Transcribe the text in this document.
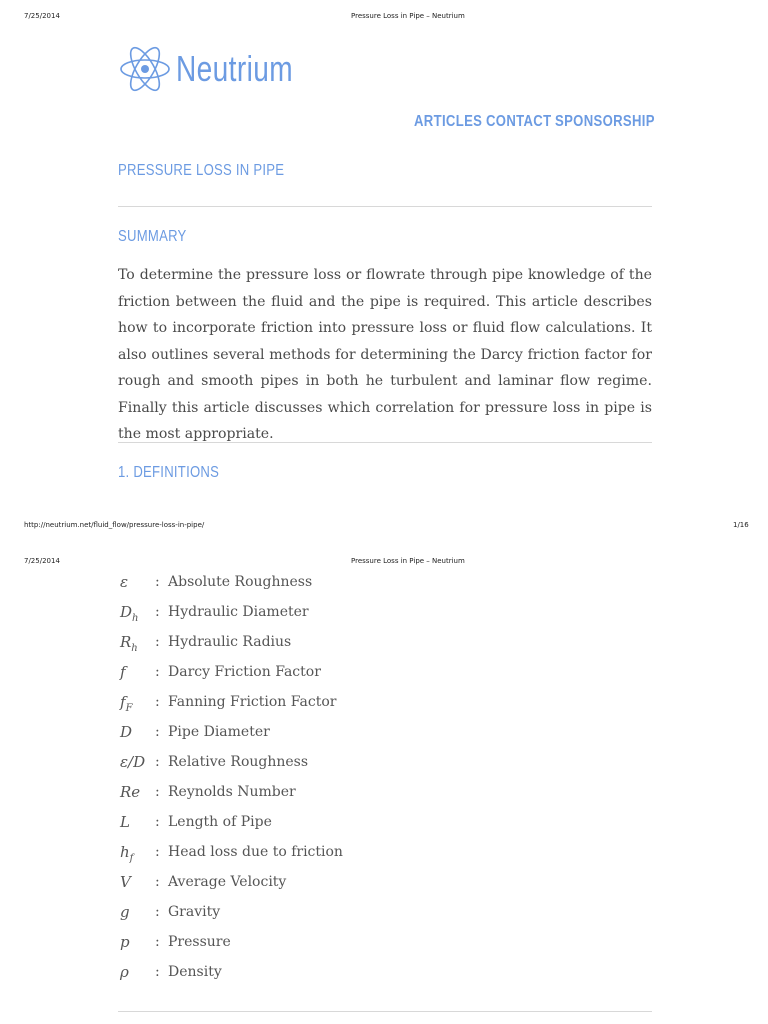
7/25/2014	Pressure Loss in Pipe – Neutrium
Neutrium
ARTICLES CONTACT SPONSORSHIP
PRESSURE LOSS IN PIPE
SUMMARY
To determine the pressure loss or flowrate through pipe knowledge of the friction between the fluid and the pipe is required. This article describes how to incorporate friction into pressure loss or fluid flow calculations. It also outlines several methods for determining the Darcy friction factor for rough and smooth pipes in both he turbulent and laminar flow regime. Finally this article discusses which correlation for pressure loss in pipe is the most appropriate.
1. DEFINITIONS
http://neutrium.net/fluid_flow/pressure-loss-in-pipe/	1/16
7/25/2014	Pressure Loss in Pipe – Neutrium
ε : Absolute Roughness
$D_h$ : Hydraulic Diameter
$R_h$ : Hydraulic Radius
f : Darcy Friction Factor
$f_F$ : Fanning Friction Factor
D : Pipe Diameter
ε/D : Relative Roughness
Re : Reynolds Number
L : Length of Pipe
$h_f$ : Head loss due to friction
V : Average Velocity
g : Gravity
p : Pressure
ρ : Density
